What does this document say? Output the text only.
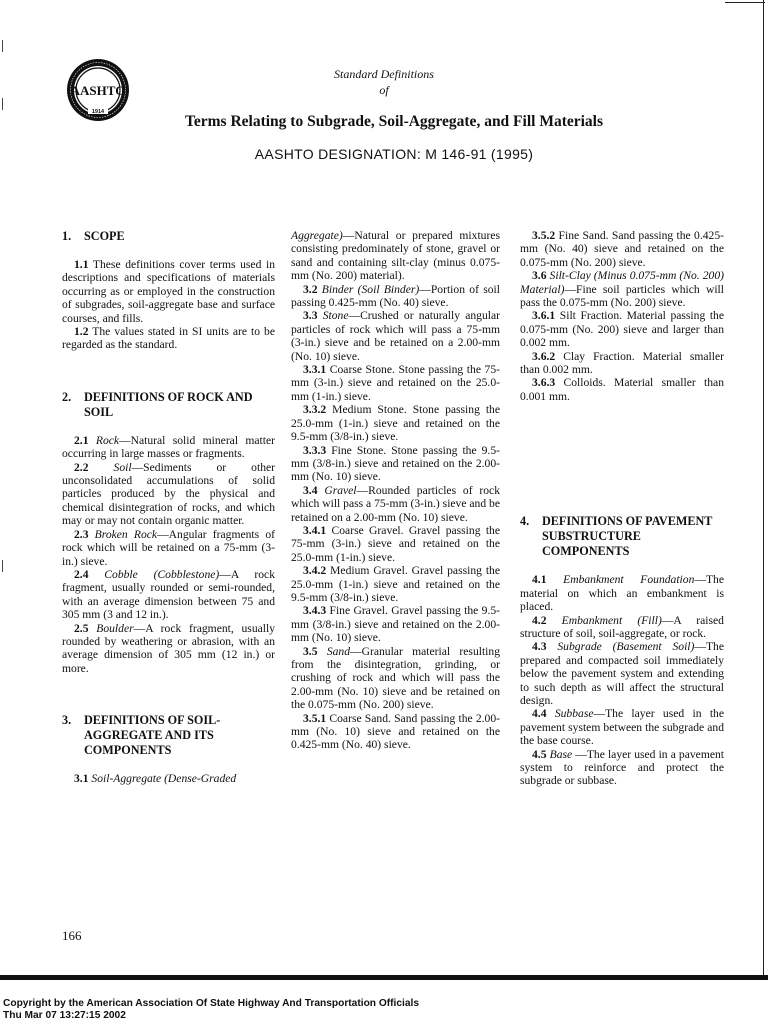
AASHTO
1914
Standard Definitions
of
Terms Relating to Subgrade, Soil-Aggregate, and Fill Materials
AASHTO DESIGNATION: M 146-91 (1995)
1.	SCOPE

1.1 These definitions cover terms used in descriptions and specifications of materials occurring as or employed in the construction of subgrades, soil-aggregate base and surface courses, and fills.

1.2 The values stated in SI units are to be regarded as the standard.

2.	DEFINITIONS OF ROCK AND SOIL

2.1 Rock—Natural solid mineral matter occurring in large masses or fragments.

2.2 Soil—Sediments or other unconsolidated accumulations of solid particles produced by the physical and chemical disintegration of rocks, and which may or may not contain organic matter.

2.3 Broken Rock—Angular fragments of rock which will be retained on a 75-mm (3-in.) sieve.

2.4 Cobble (Cobblestone)—A rock fragment, usually rounded or semi-rounded, with an average dimension between 75 and 305 mm (3 and 12 in.).

2.5 Boulder—A rock fragment, usually rounded by weathering or abrasion, with an average dimension of 305 mm (12 in.) or more.

3.	DEFINITIONS OF SOIL-AGGREGATE AND ITS COMPONENTS

3.1 Soil-Aggregate (Dense-Graded

Aggregate)—Natural or prepared mixtures consisting predominately of stone, gravel or sand and containing silt-clay (minus 0.075-mm (No. 200) material).

3.2 Binder (Soil Binder)—Portion of soil passing 0.425-mm (No. 40) sieve.

3.3 Stone—Crushed or naturally angular particles of rock which will pass a 75-mm (3-in.) sieve and be retained on a 2.00-mm (No. 10) sieve.

3.3.1 Coarse Stone. Stone passing the 75-mm (3-in.) sieve and retained on the 25.0-mm (1-in.) sieve.

3.3.2 Medium Stone. Stone passing the 25.0-mm (1-in.) sieve and retained on the 9.5-mm (3/8-in.) sieve.

3.3.3 Fine Stone. Stone passing the 9.5-mm (3/8-in.) sieve and retained on the 2.00-mm (No. 10) sieve.

3.4 Gravel—Rounded particles of rock which will pass a 75-mm (3-in.) sieve and be retained on a 2.00-mm (No. 10) sieve.

3.4.1 Coarse Gravel. Gravel passing the 75-mm (3-in.) sieve and retained on the 25.0-mm (1-in.) sieve.

3.4.2 Medium Gravel. Gravel passing the 25.0-mm (1-in.) sieve and retained on the 9.5-mm (3/8-in.) sieve.

3.4.3 Fine Gravel. Gravel passing the 9.5-mm (3/8-in.) sieve and retained on the 2.00-mm (No. 10) sieve.

3.5 Sand—Granular material resulting from the disintegration, grinding, or crushing of rock and which will pass the 2.00-mm (No. 10) sieve and be retained on the 0.075-mm (No. 200) sieve.

3.5.1 Coarse Sand. Sand passing the 2.00-mm (No. 10) sieve and retained on the 0.425-mm (No. 40) sieve.

3.5.2 Fine Sand. Sand passing the 0.425-mm (No. 40) sieve and retained on the 0.075-mm (No. 200) sieve.

3.6 Silt-Clay (Minus 0.075-mm (No. 200) Material)—Fine soil particles which will pass the 0.075-mm (No. 200) sieve.

3.6.1 Silt Fraction. Material passing the 0.075-mm (No. 200) sieve and larger than 0.002 mm.

3.6.2 Clay Fraction. Material smaller than 0.002 mm.

3.6.3 Colloids. Material smaller than 0.001 mm.

4.	DEFINITIONS OF PAVEMENT SUBSTRUCTURE COMPONENTS

4.1 Embankment Foundation—The material on which an embankment is placed.

4.2 Embankment (Fill)—A raised structure of soil, soil-aggregate, or rock.

4.3 Subgrade (Basement Soil)—The prepared and compacted soil immediately below the pavement system and extending to such depth as will affect the structural design.

4.4 Subbase—The layer used in the pavement system between the subgrade and the base course.

4.5 Base —The layer used in a pavement system to reinforce and protect the subgrade or subbase.

166
Copyright by the American Association Of State Highway And Transportation Officials
Thu Mar 07 13:27:15 2002
